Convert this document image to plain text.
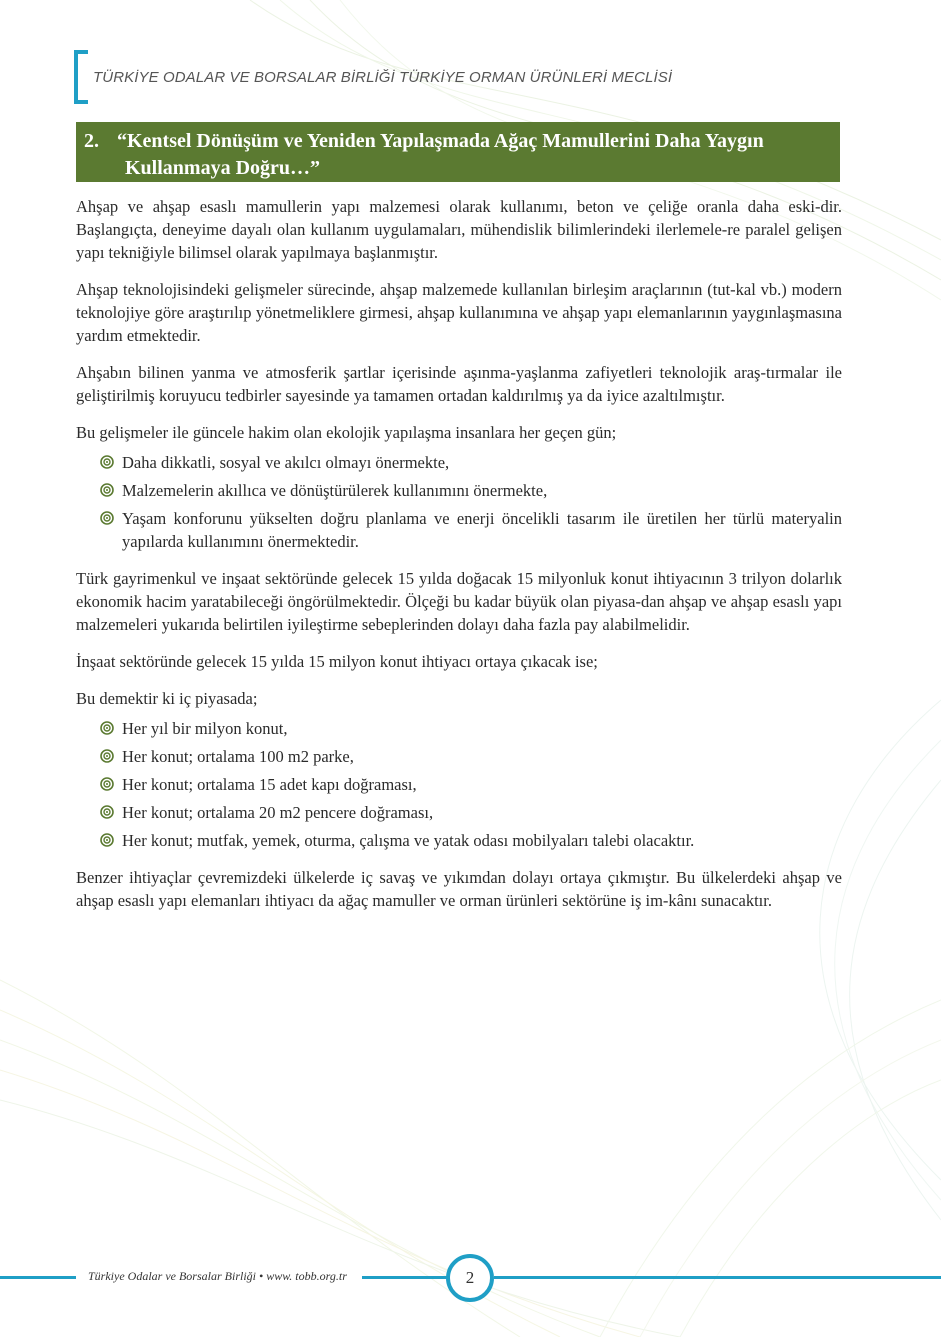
TÜRKİYE ODALAR VE BORSALAR BİRLİĞİ TÜRKİYE ORMAN ÜRÜNLERİ MECLİSİ
2. “Kentsel Dönüşüm ve Yeniden Yapılaşmada Ağaç Mamullerini Daha Yaygın
Kullanmaya Doğru…”

Ahşap ve ahşap esaslı mamullerin yapı malzemesi olarak kullanımı, beton ve çeliğe oranla daha eski-dir. Başlangıçta, deneyime dayalı olan kullanım uygulamaları, mühendislik bilimlerindeki ilerlemele-re paralel gelişen yapı tekniğiyle bilimsel olarak yapılmaya başlanmıştır.

Ahşap teknolojisindeki gelişmeler sürecinde, ahşap malzemede kullanılan birleşim araçlarının (tut-kal vb.) modern teknolojiye göre araştırılıp yönetmeliklere girmesi, ahşap kullanımına ve ahşap yapı elemanlarının yaygınlaşmasına yardım etmektedir.

Ahşabın bilinen yanma ve atmosferik şartlar içerisinde aşınma-yaşlanma zafiyetleri teknolojik araş-tırmalar ile geliştirilmiş koruyucu tedbirler sayesinde ya tamamen ortadan kaldırılmış ya da iyice azaltılmıştır.

Bu gelişmeler ile güncele hakim olan ekolojik yapılaşma insanlara her geçen gün;

Daha dikkatli, sosyal ve akılcı olmayı önermekte,
Malzemelerin akıllıca ve dönüştürülerek kullanımını önermekte,
Yaşam konforunu yükselten doğru planlama ve enerji öncelikli tasarım ile üretilen her türlü materyalin yapılarda kullanımını önermektedir.

Türk gayrimenkul ve inşaat sektöründe gelecek 15 yılda doğacak 15 milyonluk konut ihtiyacının 3 trilyon dolarlık ekonomik hacim yaratabileceği öngörülmektedir. Ölçeği bu kadar büyük olan piyasa-dan ahşap ve ahşap esaslı yapı malzemeleri yukarıda belirtilen iyileştirme sebeplerinden dolayı daha fazla pay alabilmelidir.

İnşaat sektöründe gelecek 15 yılda 15 milyon konut ihtiyacı ortaya çıkacak ise;

Bu demektir ki iç piyasada;

Her yıl bir milyon konut,
Her konut; ortalama 100 m2 parke,
Her konut; ortalama 15 adet kapı doğraması,
Her konut; ortalama 20 m2 pencere doğraması,
Her konut; mutfak, yemek, oturma, çalışma ve yatak odası mobilyaları talebi olacaktır.

Benzer ihtiyaçlar çevremizdeki ülkelerde iç savaş ve yıkımdan dolayı ortaya çıkmıştır. Bu ülkelerdeki ahşap ve ahşap esaslı yapı elemanları ihtiyacı da ağaç mamuller ve orman ürünleri sektörüne iş im-kânı sunacaktır.

Türkiye Odalar ve Borsalar Birliği • www. tobb.org.tr	2
